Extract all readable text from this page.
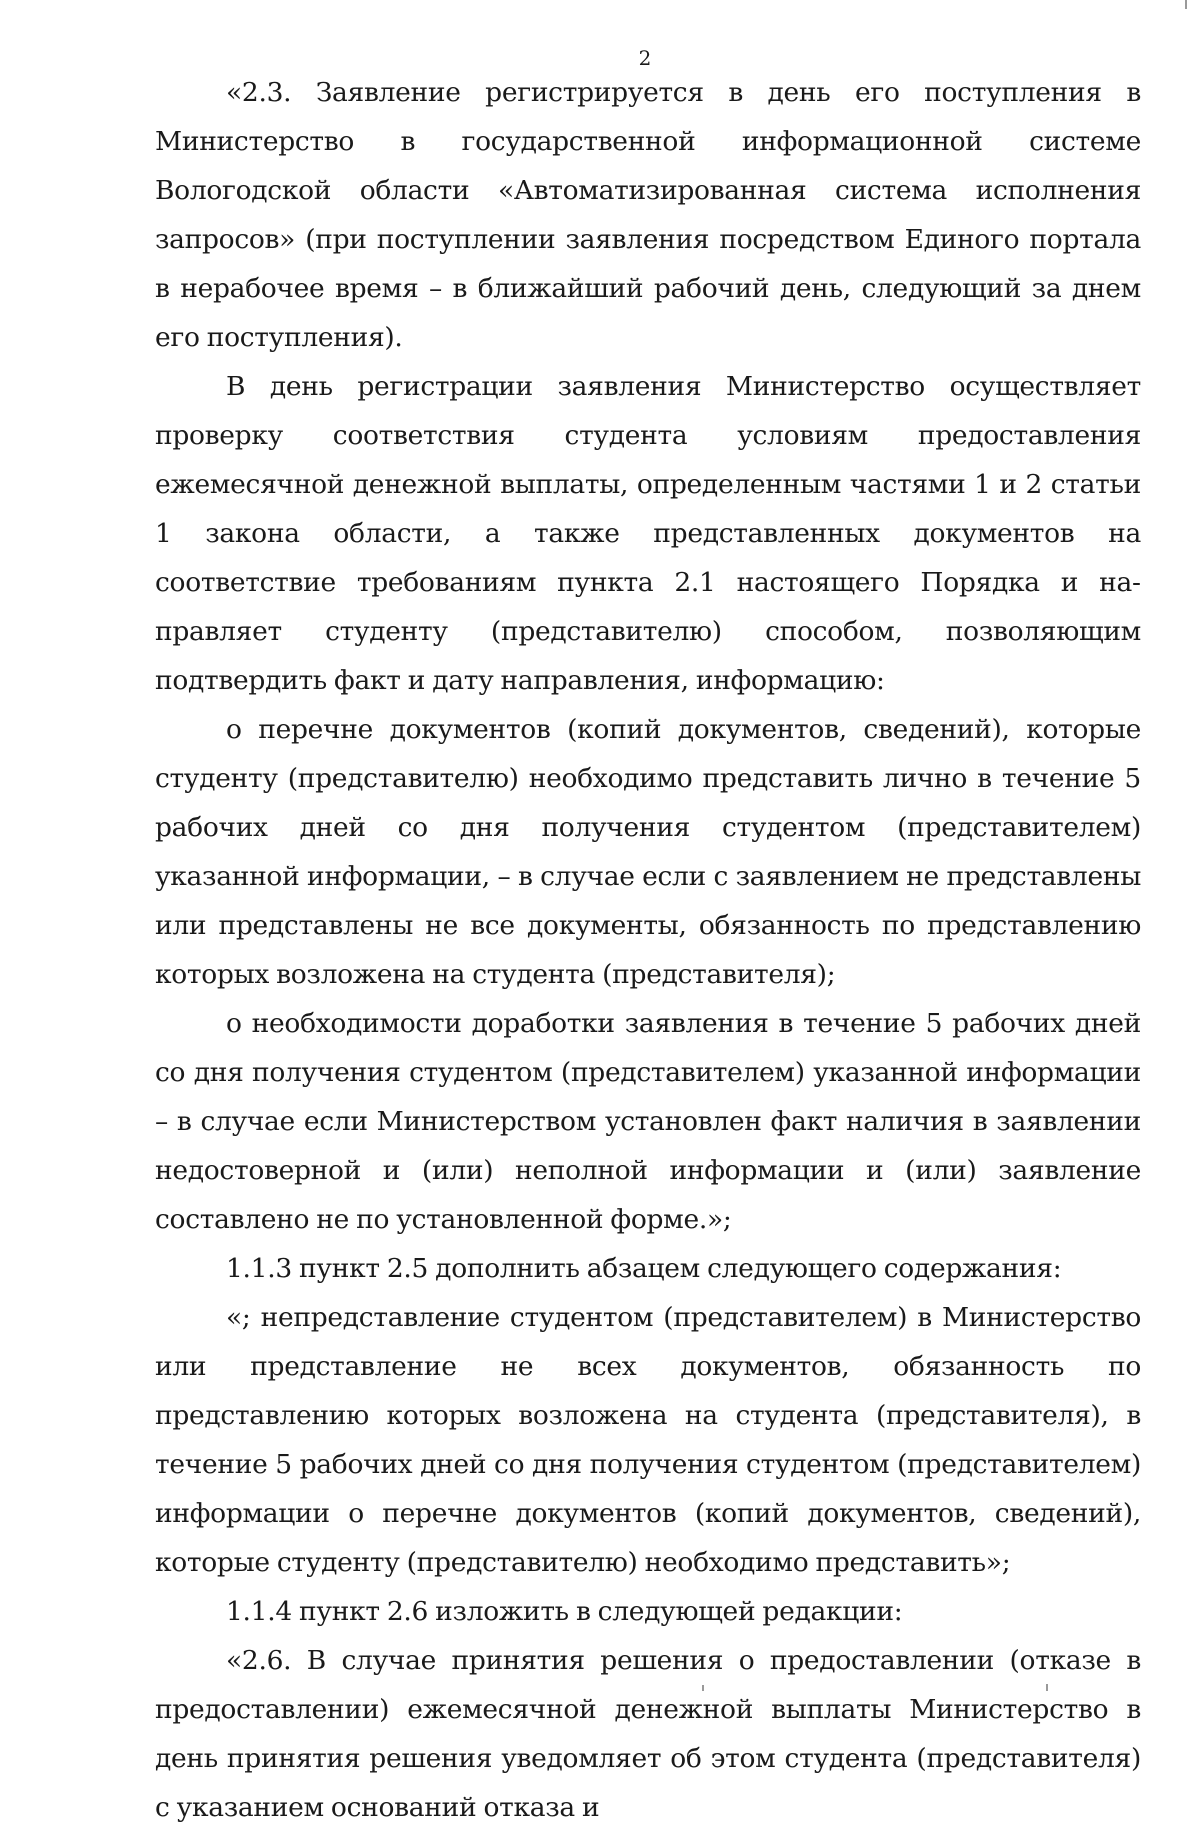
2

«2.3. Заявление регистрируется в день его поступления в Министерство в государственной информационной системе Вологодской области «Автоматизированная система исполнения запросов» (при поступлении заявления посредством Единого портала в нерабочее время – в ближайший рабочий день, следующий за днем его поступления).

В день регистрации заявления Министерство осуществляет проверку соответствия студента условиям предоставления ежемесячной денежной выплаты, определенным частями 1 и 2 статьи 1 закона области, а также представленных документов на соответствие требованиям пункта 2.1 настоящего Порядка и направляет студенту (представителю) способом, позволяющим подтвердить факт и дату направления, информацию:

о перечне документов (копий документов, сведений), которые студенту (представителю) необходимо представить лично в течение 5 рабочих дней со дня получения студентом (представителем) указанной информации, – в случае если с заявлением не представлены или представлены не все документы, обязанность по представлению которых возложена на студента (представителя);

о необходимости доработки заявления в течение 5 рабочих дней со дня получения студентом (представителем) указанной информации – в случае если Министерством установлен факт наличия в заявлении недостоверной и (или) неполной информации и (или) заявление составлено не по установленной форме.»;

1.1.3 пункт 2.5 дополнить абзацем следующего содержания:

«; непредставление студентом (представителем) в Министерство или представление не всех документов, обязанность по представлению которых возложена на студента (представителя), в течение 5 рабочих дней со дня получения студентом (представителем) информации о перечне документов (копий документов, сведений), которые студенту (представителю) необходимо представить»;

1.1.4 пункт 2.6 изложить в следующей редакции:

«2.6. В случае принятия решения о предоставлении (отказе в предоставлении) ежемесячной денежной выплаты Министерство в день принятия решения уведомляет об этом студента (представителя) с указанием оснований отказа и
